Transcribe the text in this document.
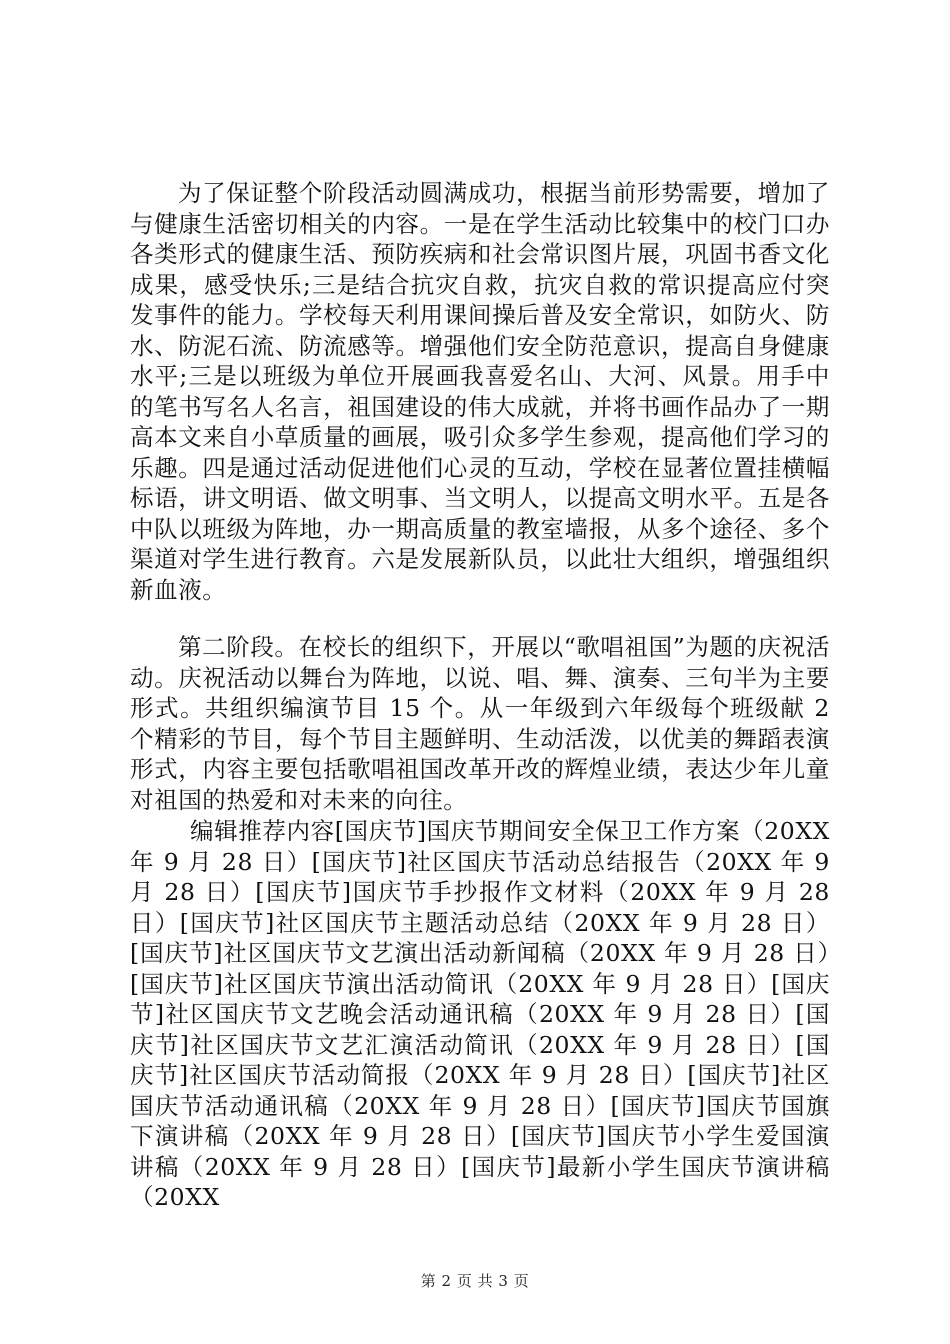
为了保证整个阶段活动圆满成功，根据当前形势需要，增加了与健康生活密切相关的内容。一是在学生活动比较集中的校门口办各类形式的健康生活、预防疾病和社会常识图片展，巩固书香文化成果，感受快乐;三是结合抗灾自救，抗灾自救的常识提高应付突发事件的能力。学校每天利用课间操后普及安全常识，如防火、防水、防泥石流、防流感等。增强他们安全防范意识，提高自身健康水平;三是以班级为单位开展画我喜爱名山、大河、风景。用手中的笔书写名人名言，祖国建设的伟大成就，并将书画作品办了一期高本文来自小草质量的画展，吸引众多学生参观，提高他们学习的乐趣。四是通过活动促进他们心灵的互动，学校在显著位置挂横幅标语，讲文明语、做文明事、当文明人，以提高文明水平。五是各中队以班级为阵地，办一期高质量的教室墙报，从多个途径、多个渠道对学生进行教育。六是发展新队员，以此壮大组织，增强组织新血液。

第二阶段。在校长的组织下，开展以“歌唱祖国”为题的庆祝活动。庆祝活动以舞台为阵地，以说、唱、舞、演奏、三句半为主要形式。共组织编演节目 15 个。从一年级到六年级每个班级献 2 个精彩的节目，每个节目主题鲜明、生动活泼，以优美的舞蹈表演形式，内容主要包括歌唱祖国改革开改的辉煌业绩，表达少年儿童对祖国的热爱和对未来的向往。

编辑推荐内容[国庆节]国庆节期间安全保卫工作方案（20XX 年 9 月 28 日）[国庆节]社区国庆节活动总结报告（20XX 年 9 月 28 日）[国庆节]国庆节手抄报作文材料（20XX 年 9 月 28 日）[国庆节]社区国庆节主题活动总结（20XX 年 9 月 28 日）[国庆节]社区国庆节文艺演出活动新闻稿（20XX 年 9 月 28 日）[国庆节]社区国庆节演出活动简讯（20XX 年 9 月 28 日）[国庆节]社区国庆节文艺晚会活动通讯稿（20XX 年 9 月 28 日）[国庆节]社区国庆节文艺汇演活动简讯（20XX 年 9 月 28 日）[国庆节]社区国庆节活动简报（20XX 年 9 月 28 日）[国庆节]社区国庆节活动通讯稿（20XX 年 9 月 28 日）[国庆节]国庆节国旗下演讲稿（20XX 年 9 月 28 日）[国庆节]国庆节小学生爱国演讲稿（20XX 年 9 月 28 日）[国庆节]最新小学生国庆节演讲稿（20XX

第 2 页 共 3 页
